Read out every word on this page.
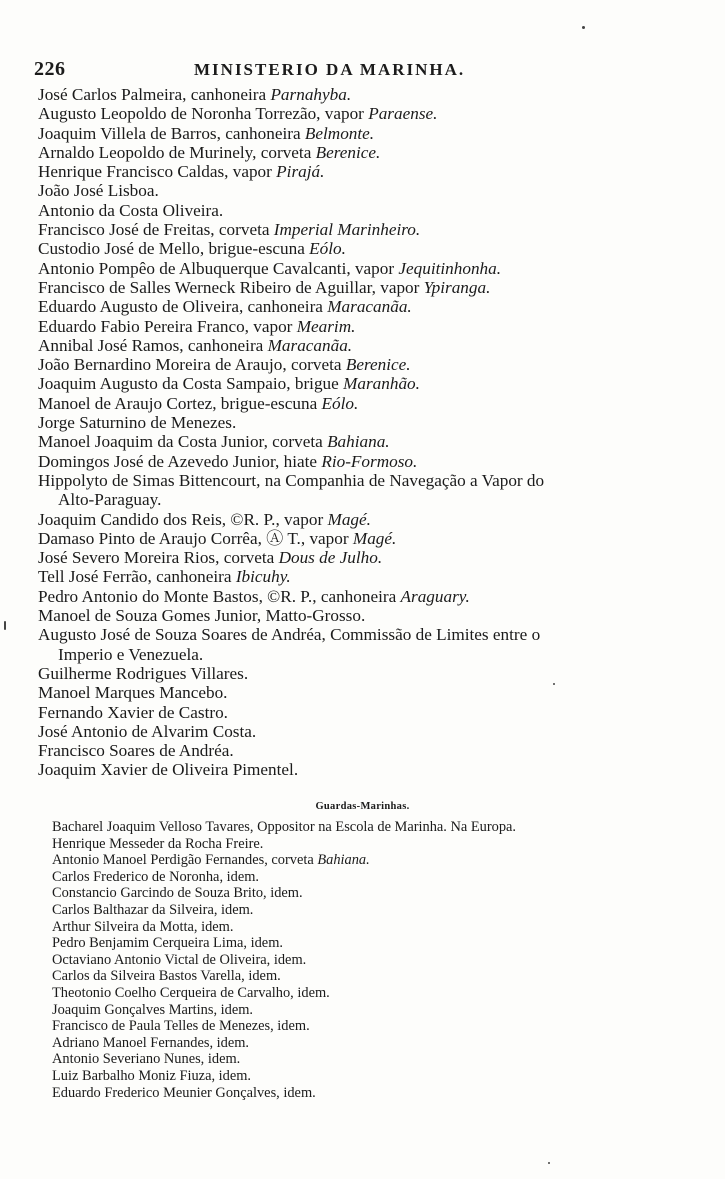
226	MINISTERIO DA MARINHA.
José Carlos Palmeira, canhoneira Parnahyba.
Augusto Leopoldo de Noronha Torrezão, vapor Paraense.
Joaquim Villela de Barros, canhoneira Belmonte.
Arnaldo Leopoldo de Murinely, corveta Berenice.
Henrique Francisco Caldas, vapor Pirajá.
João José Lisboa.
Antonio da Costa Oliveira.
Francisco José de Freitas, corveta Imperial Marinheiro.
Custodio José de Mello, brigue-escuna Eólo.
Antonio Pompêo de Albuquerque Cavalcanti, vapor Jequitinhonha.
Francisco de Salles Werneck Ribeiro de Aguillar, vapor Ypiranga.
Eduardo Augusto de Oliveira, canhoneira Maracanãa.
Eduardo Fabio Pereira Franco, vapor Mearim.
Annibal José Ramos, canhoneira Maracanãa.
João Bernardino Moreira de Araujo, corveta Berenice.
Joaquim Augusto da Costa Sampaio, brigue Maranhão.
Manoel de Araujo Cortez, brigue-escuna Eólo.
Jorge Saturnino de Menezes.
Manoel Joaquim da Costa Junior, corveta Bahiana.
Domingos José de Azevedo Junior, hiate Rio-Formoso.
Hippolyto de Simas Bittencourt, na Companhia de Navegação a Vapor do
Alto-Paraguay.
Joaquim Candido dos Reis, ©R. P., vapor Magé.
Damaso Pinto de Araujo Corrêa, Ⓐ T., vapor Magé.
José Severo Moreira Rios, corveta Dous de Julho.
Tell José Ferrão, canhoneira Ibicuhy.
Pedro Antonio do Monte Bastos, ©R. P., canhoneira Araguary.
Manoel de Souza Gomes Junior, Matto-Grosso.
Augusto José de Souza Soares de Andréa, Commissão de Limites entre o
Imperio e Venezuela.
Guilherme Rodrigues Villares.
Manoel Marques Mancebo.
Fernando Xavier de Castro.
José Antonio de Alvarim Costa.
Francisco Soares de Andréa.
Joaquim Xavier de Oliveira Pimentel.
Guardas-Marinhas.
Bacharel Joaquim Velloso Tavares, Oppositor na Escola de Marinha. Na Europa.
Henrique Messeder da Rocha Freire.
Antonio Manoel Perdigão Fernandes, corveta Bahiana.
Carlos Frederico de Noronha, idem.
Constancio Garcindo de Souza Brito, idem.
Carlos Balthazar da Silveira, idem.
Arthur Silveira da Motta, idem.
Pedro Benjamim Cerqueira Lima, idem.
Octaviano Antonio Victal de Oliveira, idem.
Carlos da Silveira Bastos Varella, idem.
Theotonio Coelho Cerqueira de Carvalho, idem.
Joaquim Gonçalves Martins, idem.
Francisco de Paula Telles de Menezes, idem.
Adriano Manoel Fernandes, idem.
Antonio Severiano Nunes, idem.
Luiz Barbalho Moniz Fiuza, idem.
Eduardo Frederico Meunier Gonçalves, idem.
